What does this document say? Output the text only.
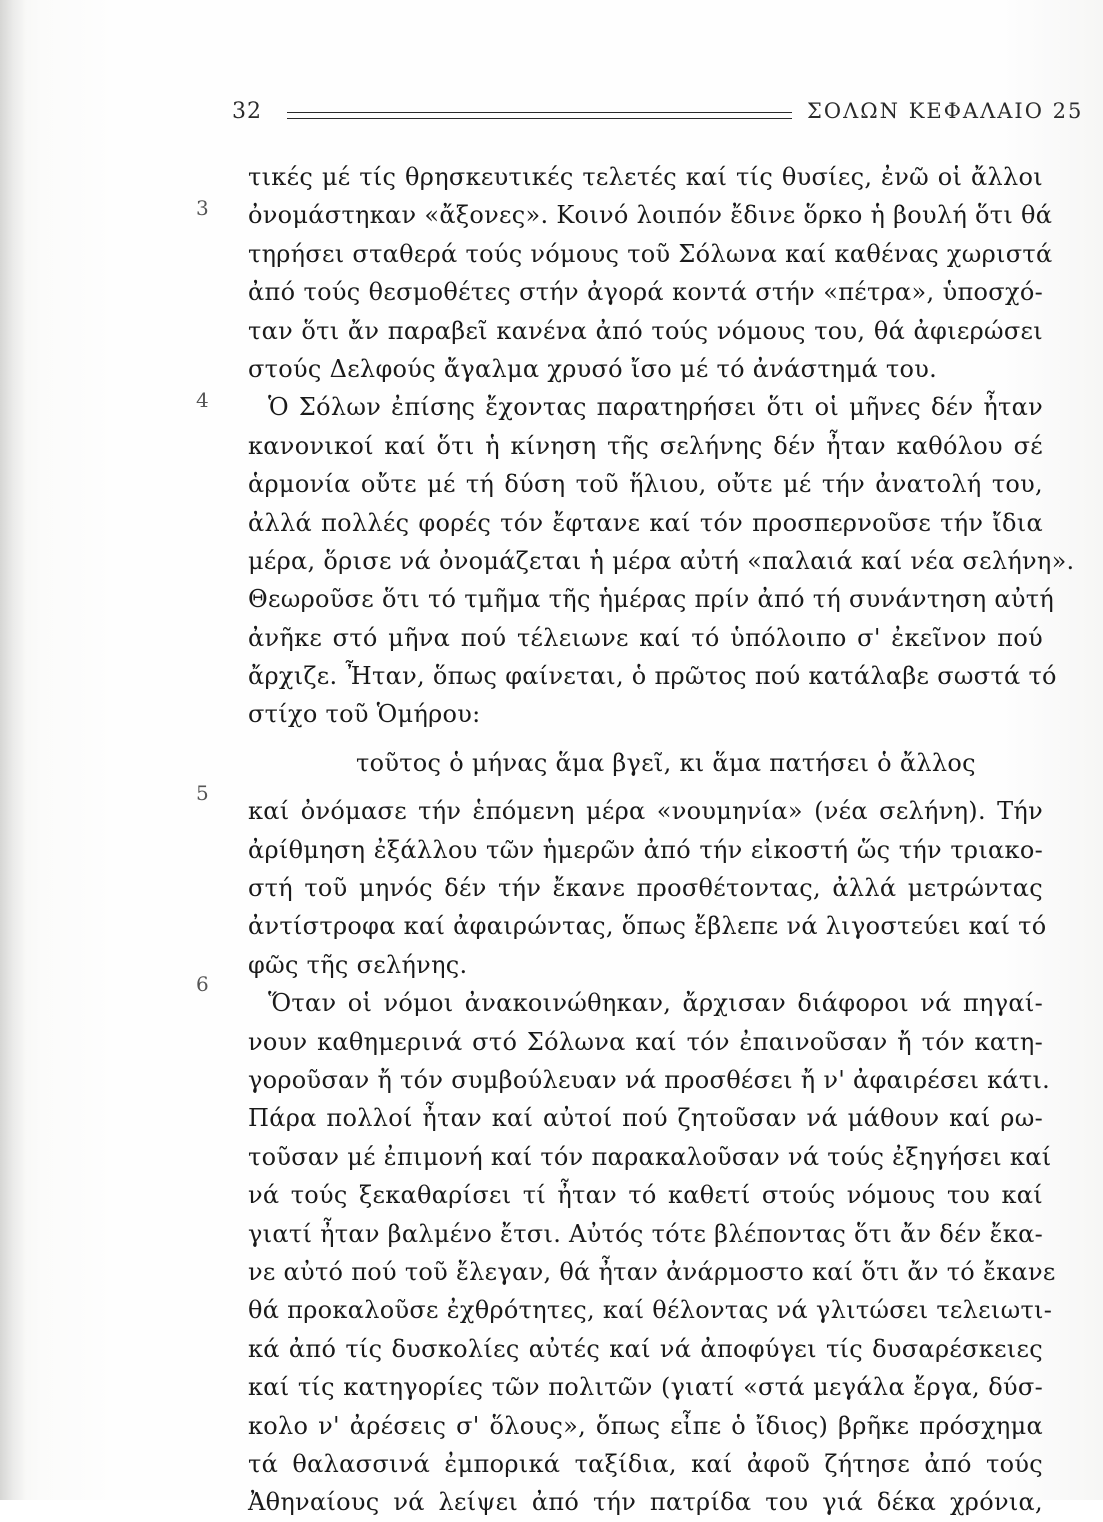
32	ΣΟΛΩΝ ΚΕΦΑΛΑΙΟ 25
3
4
5
6
τικές μέ τίς θρησκευτικές τελετές καί τίς θυσίες, ἐνῶ οἱ ἄλλοι
ὀνομάστηκαν «ἄξονες». Κοινό λοιπόν ἔδινε ὅρκο ἡ βουλή ὅτι θά
τηρήσει σταθερά τούς νόμους τοῦ Σόλωνα καί καθένας χωριστά
ἀπό τούς θεσμοθέτες στήν ἀγορά κοντά στήν «πέτρα», ὑποσχό-
ταν ὅτι ἄν παραβεῖ κανένα ἀπό τούς νόμους του, θά ἀφιερώσει
στούς Δελφούς ἄγαλμα χρυσό ἴσο μέ τό ἀνάστημά του.
Ὁ Σόλων ἐπίσης ἔχοντας παρατηρήσει ὅτι οἱ μῆνες δέν ἦταν
κανονικοί καί ὅτι ἡ κίνηση τῆς σελήνης δέν ἦταν καθόλου σέ
ἁρμονία οὔτε μέ τή δύση τοῦ ἥλιου, οὔτε μέ τήν ἀνατολή του,
ἀλλά πολλές φορές τόν ἔφτανε καί τόν προσπερνοῦσε τήν ἴδια
μέρα, ὅρισε νά ὀνομάζεται ἡ μέρα αὐτή «παλαιά καί νέα σελήνη».
Θεωροῦσε ὅτι τό τμῆμα τῆς ἡμέρας πρίν ἀπό τή συνάντηση αὐτή
ἀνῆκε στό μῆνα πού τέλειωνε καί τό ὑπόλοιπο σ' ἐκεῖνον πού
ἄρχιζε. Ἦταν, ὅπως φαίνεται, ὁ πρῶτος πού κατάλαβε σωστά τό
στίχο τοῦ Ὁμήρου:
τοῦτος ὁ μήνας ἅμα βγεῖ, κι ἅμα πατήσει ὁ ἄλλος
καί ὀνόμασε τήν ἑπόμενη μέρα «νουμηνία» (νέα σελήνη). Τήν
ἀρίθμηση ἐξάλλου τῶν ἡμερῶν ἀπό τήν εἰκοστή ὥς τήν τριακο-
στή τοῦ μηνός δέν τήν ἔκανε προσθέτοντας, ἀλλά μετρώντας
ἀντίστροφα καί ἀφαιρώντας, ὅπως ἔβλεπε νά λιγοστεύει καί τό
φῶς τῆς σελήνης.
Ὅταν οἱ νόμοι ἀνακοινώθηκαν, ἄρχισαν διάφοροι νά πηγαί-
νουν καθημερινά στό Σόλωνα καί τόν ἐπαινοῦσαν ἤ τόν κατη-
γοροῦσαν ἤ τόν συμβούλευαν νά προσθέσει ἤ ν' ἀφαιρέσει κάτι.
Πάρα πολλοί ἦταν καί αὐτοί πού ζητοῦσαν νά μάθουν καί ρω-
τοῦσαν μέ ἐπιμονή καί τόν παρακαλοῦσαν νά τούς ἐξηγήσει καί
νά τούς ξεκαθαρίσει τί ἦταν τό καθετί στούς νόμους του καί
γιατί ἦταν βαλμένο ἔτσι. Αὐτός τότε βλέποντας ὅτι ἄν δέν ἔκα-
νε αὐτό πού τοῦ ἔλεγαν, θά ἦταν ἀνάρμοστο καί ὅτι ἄν τό ἔκανε
θά προκαλοῦσε ἐχθρότητες, καί θέλοντας νά γλιτώσει τελειωτι-
κά ἀπό τίς δυσκολίες αὐτές καί νά ἀποφύγει τίς δυσαρέσκειες
καί τίς κατηγορίες τῶν πολιτῶν (γιατί «στά μεγάλα ἔργα, δύσ-
κολο ν' ἀρέσεις σ' ὅλους», ὅπως εἶπε ὁ ἴδιος) βρῆκε πρόσχημα
τά θαλασσινά ἐμπορικά ταξίδια, καί ἀφοῦ ζήτησε ἀπό τούς
Ἀθηναίους νά λείψει ἀπό τήν πατρίδα του γιά δέκα χρόνια,
